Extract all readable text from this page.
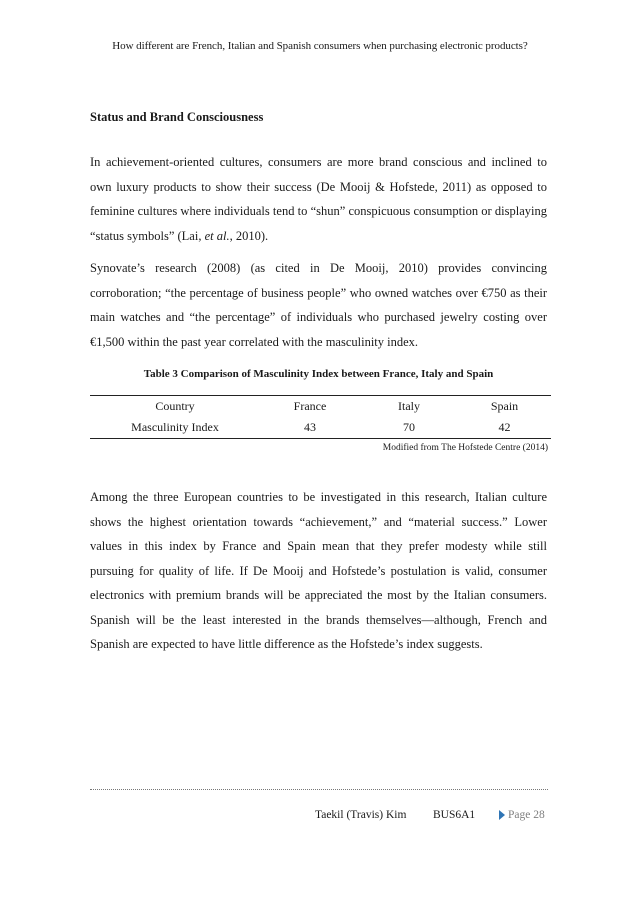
How different are French, Italian and Spanish consumers when purchasing electronic products?
Status and Brand Consciousness

In achievement-oriented cultures, consumers are more brand conscious and inclined to own luxury products to show their success (De Mooij & Hofstede, 2011) as opposed to feminine cultures where individuals tend to “shun” conspicuous consumption or displaying “status symbols” (Lai, et al., 2010).

Synovate’s research (2008) (as cited in De Mooij, 2010) provides convincing corroboration; “the percentage of business people” who owned watches over €750 as their main watches and “the percentage” of individuals who purchased jewelry costing over €1,500 within the past year correlated with the masculinity index.

Table 3 Comparison of Masculinity Index between France, Italy and Spain

Country	France	Italy	Spain
Masculinity Index	43	70	42
Modified from The Hofstede Centre (2014)

Among the three European countries to be investigated in this research, Italian culture shows the highest orientation towards “achievement,” and “material success.” Lower values in this index by France and Spain mean that they prefer modesty while still pursuing for quality of life. If De Mooij and Hofstede’s postulation is valid, consumer electronics with premium brands will be appreciated the most by the Italian consumers. Spanish will be the least interested in the brands themselves—although, French and Spanish are expected to have little difference as the Hofstede’s index suggests.

Taekil (Travis) Kim BUS6A1	Page 28
